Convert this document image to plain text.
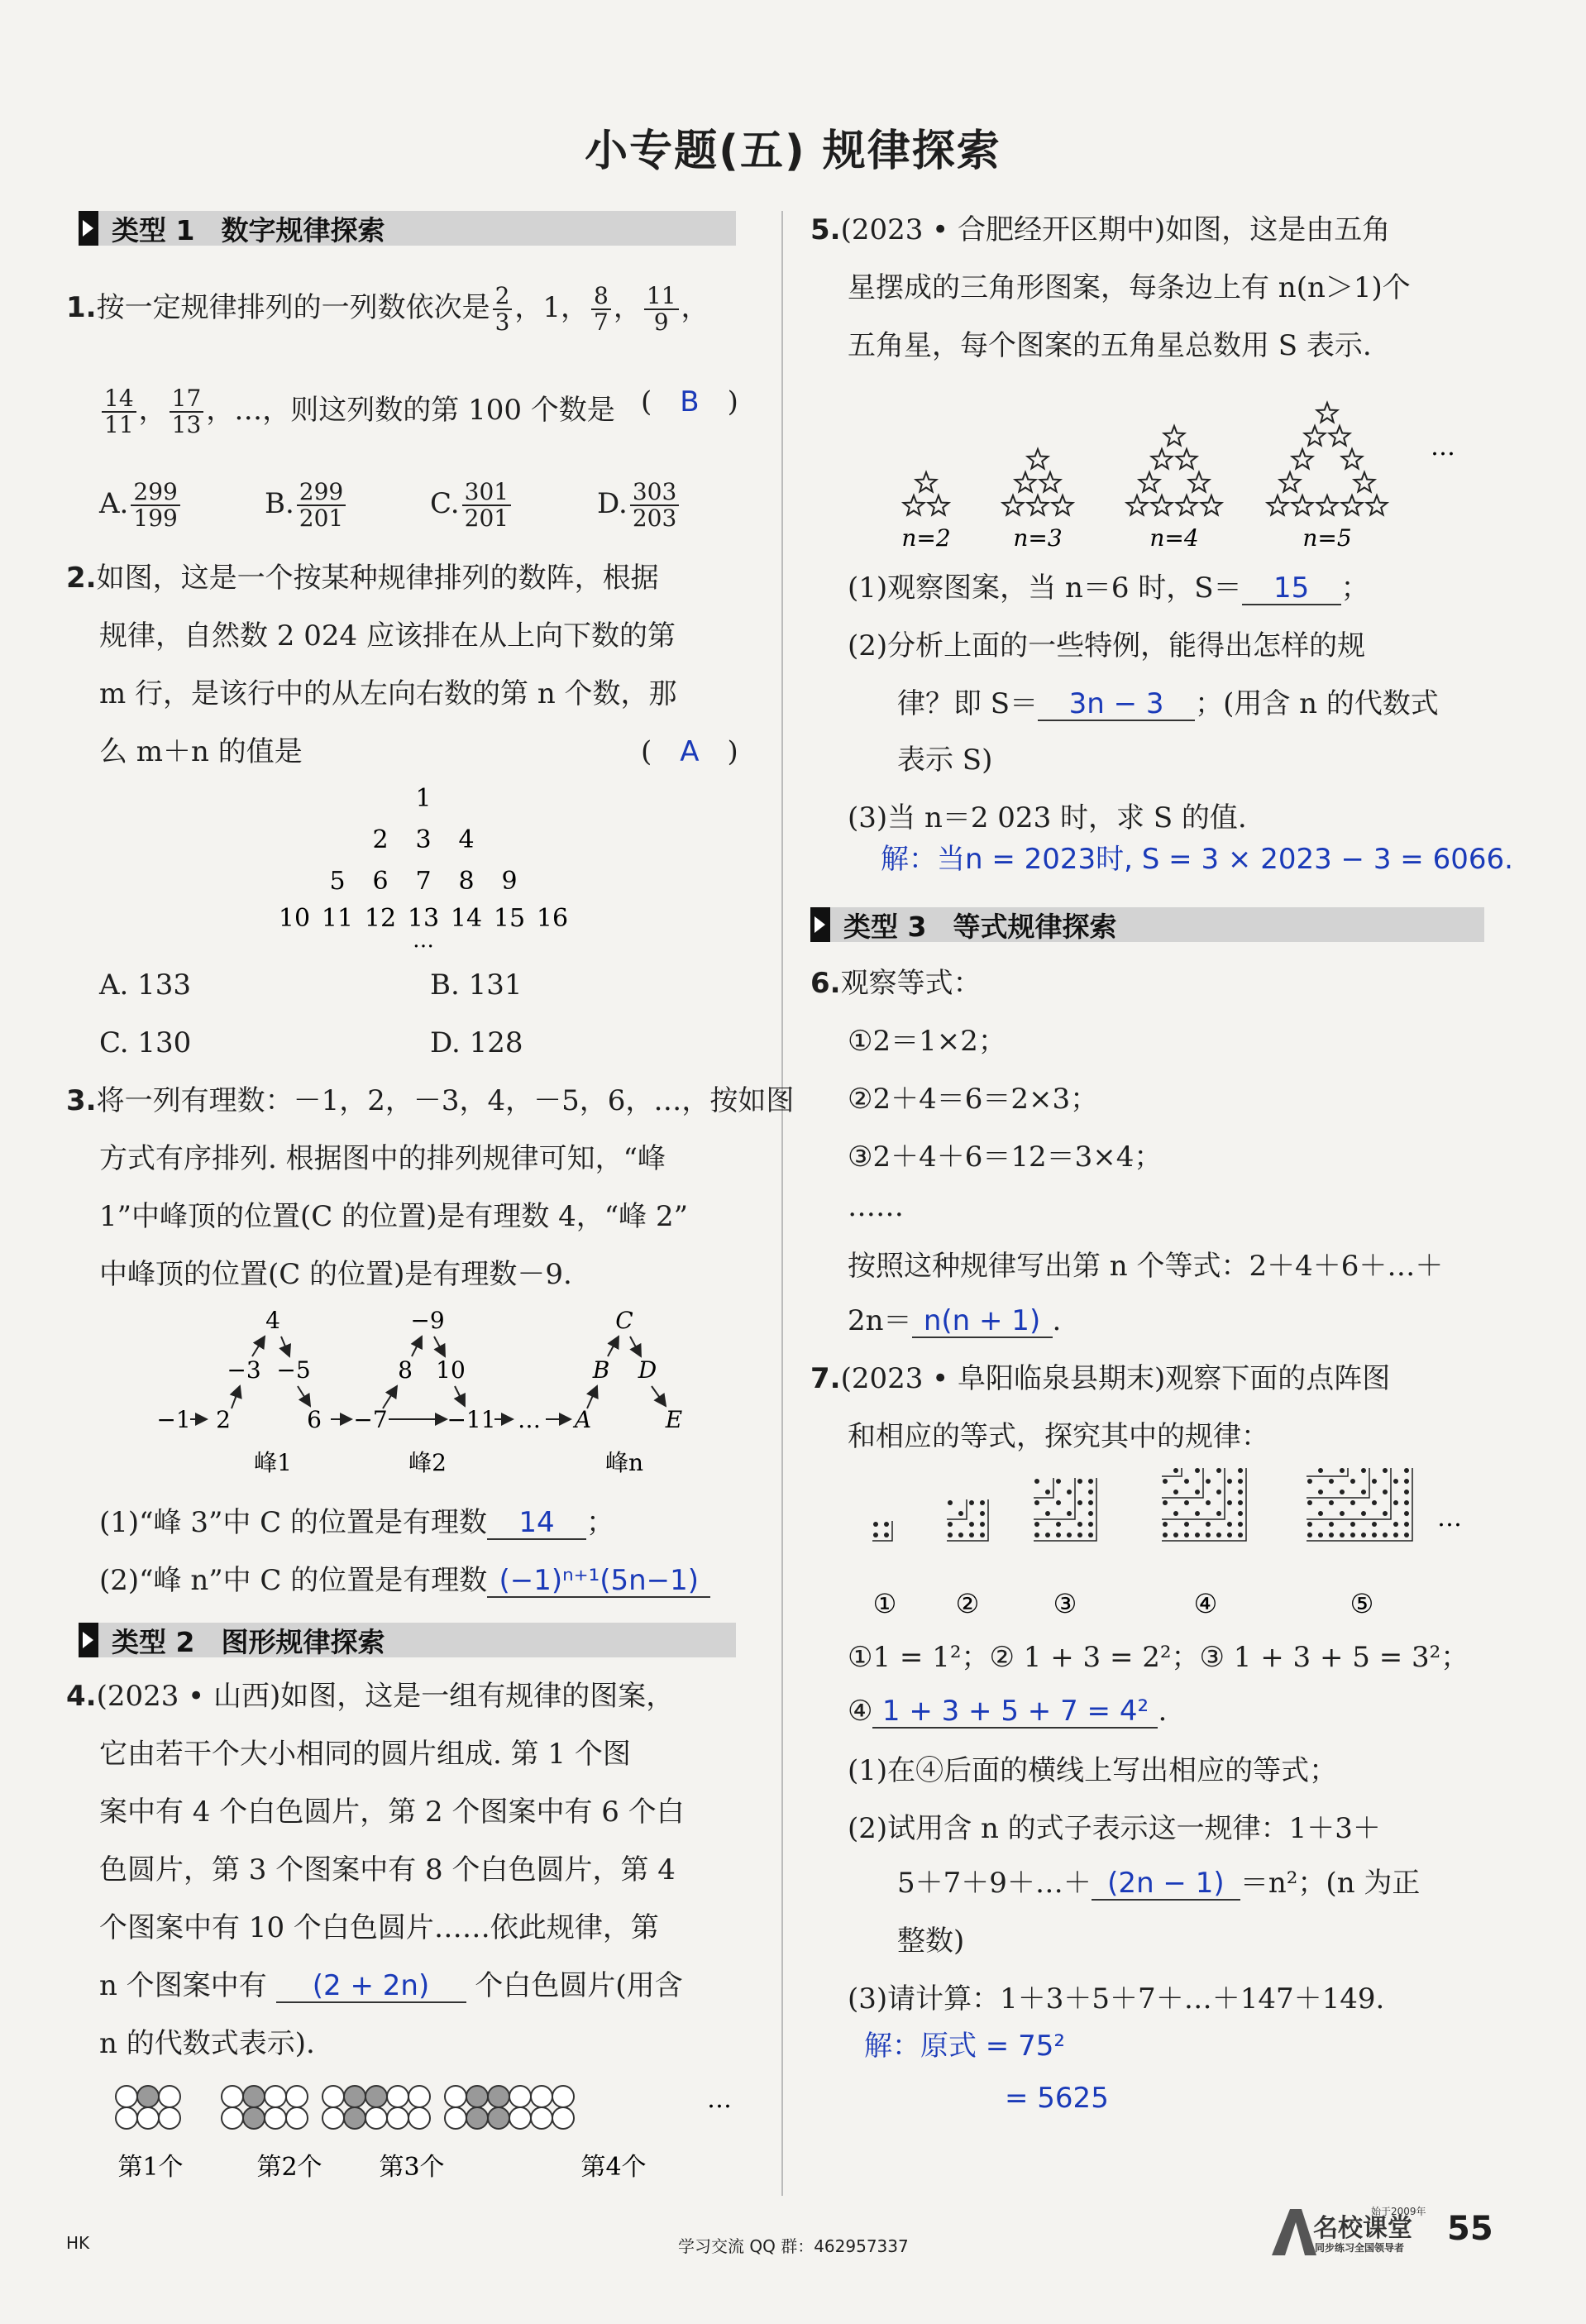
小专题(五) 规律探索
类型 1 数字规律探索
1.按一定规律排列的一列数依次是 $\frac{2}{3}$ ，1， $\frac{8}{7}$ ， $\frac{11}{9}$ ，
$\frac{14}{11}$ ， $\frac{17}{13}$ ，…，则这列数的第 100 个数是 (　B　)
A. $\frac{299}{199}$	B. $\frac{299}{201}$	C. $\frac{301}{201}$	D. $\frac{303}{203}$
2.如图，这是一个按某种规律排列的数阵，根据
规律，自然数 2 024 应该排在从上向下数的第
m 行，是该行中的从左向右数的第 n 个数，那
么 m＋n 的值是	(　A　)
1
2 3 4
5 6 7 8 9
10 11 12 13 14 15 16
…
A. 133	B. 131
C. 130	D. 128
3.将一列有理数：－1，2，－3，4，－5，6，…，按如图
方式有序排列. 根据图中的排列规律可知，“峰
1”中峰顶的位置(C 的位置)是有理数 4，“峰 2”
中峰顶的位置(C 的位置)是有理数－9.
4	−9	C
−3 −5	8 10	B D
−1 2	6 −7	−11 … A	E
峰1	峰2	峰n
(1)“峰 3”中 C 的位置是有理数 14 ；
(2)“峰 n”中 C 的位置是有理数 (−1)ⁿ⁺¹(5n−1)
类型 2 图形规律探索
4.(2023 • 山西)如图，这是一组有规律的图案，
它由若干个大小相同的圆片组成. 第 1 个图
案中有 4 个白色圆片，第 2 个图案中有 6 个白
色圆片，第 3 个图案中有 8 个白色圆片，第 4
个图案中有 10 个白色圆片……依此规律，第
n 个图案中有 (2 + 2n) 个白色圆片(用含
n 的代数式表示).
…
第1个	第2个 第3个	第4个
5.(2023 • 合肥经开区期中)如图，这是由五角
星摆成的三角形图案，每条边上有 n(n＞1)个
五角星，每个图案的五角星总数用 S 表示.
…
n=2	n=3	n=4	n=5
(1)观察图案，当 n＝6 时，S＝ 15 ；
(2)分析上面的一些特例，能得出怎样的规
律？即 S＝ 3n − 3 ；(用含 n 的代数式
表示 S)
(3)当 n＝2 023 时，求 S 的值.
解：当n = 2023时, S = 3 × 2023 − 3 = 6066.
类型 3 等式规律探索
6.观察等式：
①2＝1×2；
②2＋4＝6＝2×3；
③2＋4＋6＝12＝3×4；
……
按照这种规律写出第 n 个等式：2＋4＋6＋…＋
2n＝ n(n + 1) .
7.(2023 • 阜阳临泉县期末)观察下面的点阵图
和相应的等式，探究其中的规律：
…
① ②	③	④	⑤
①1 = 1²；② 1 + 3 = 2²；③ 1 + 3 + 5 = 3²；
④ 1 + 3 + 5 + 7 = 4² .
(1)在④后面的横线上写出相应的等式；
(2)试用含 n 的式子表示这一规律：1＋3＋
5＋7＋9＋…＋ (2n − 1) ＝n²；(n 为正
整数)
(3)请计算：1＋3＋5＋7＋…＋147＋149.
解：原式 = 75²
= 5625
HK	学习交流 QQ 群：462957337
名校课堂
始于2009年
同步练习全国领导者 55
